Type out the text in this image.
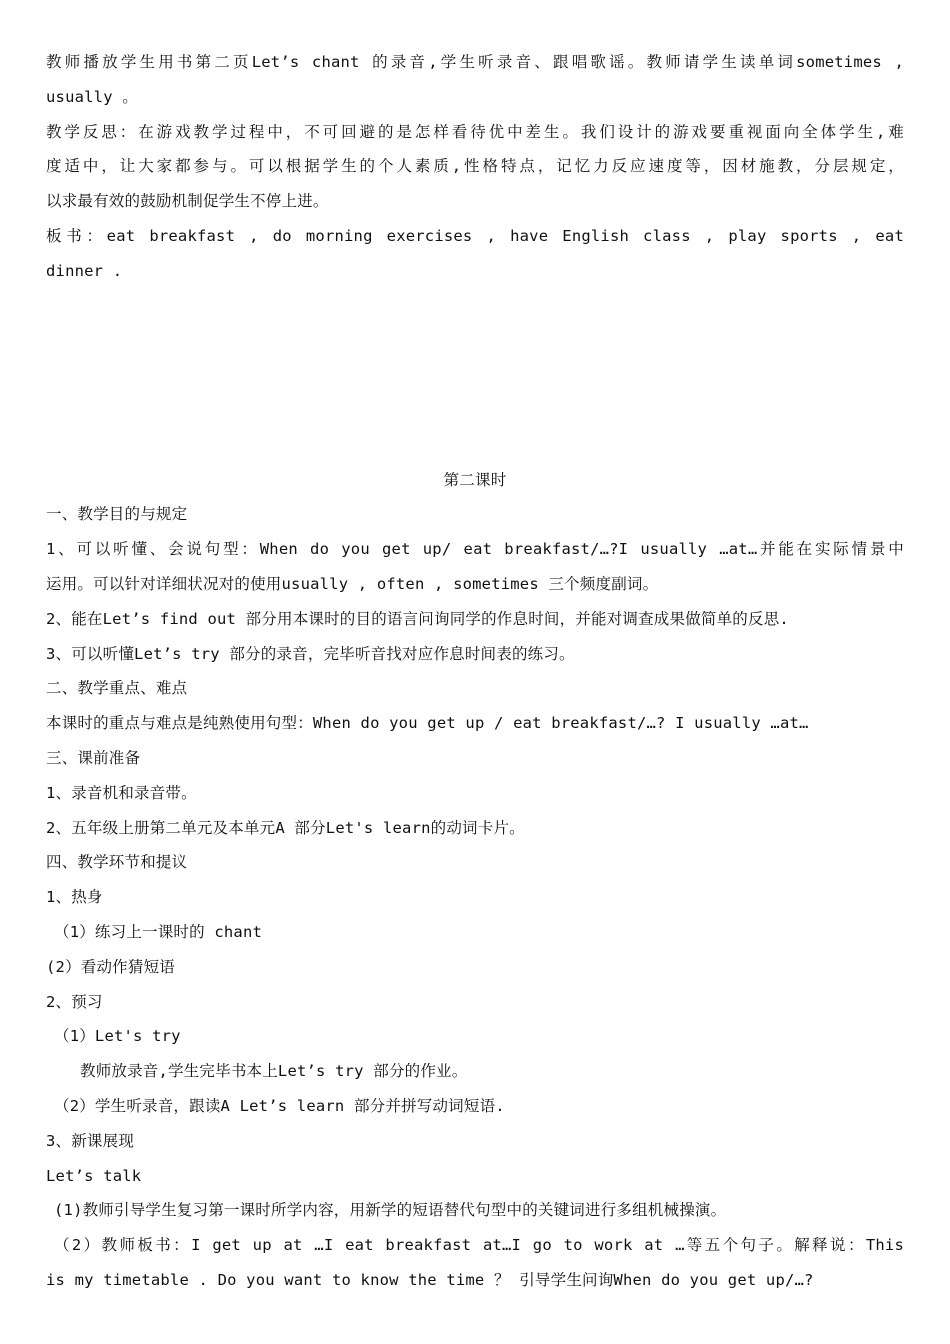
教师播放学生用书第二页Let’s chant 的录音,学生听录音、跟唱歌谣。教师请学生读单词sometimes ,
usually 。
教学反思：在游戏教学过程中，不可回避的是怎样看待优中差生。我们设计的游戏要重视面向全体学生,难
度适中，让大家都参与。可以根据学生的个人素质,性格特点，记忆力反应速度等，因材施教，分层规定，
以求最有效的鼓励机制促学生不停上进。
板书：eat breakfast , do morning exercises , have English class , play sports , eat
dinner .
第二课时
一、教学目的与规定
1、可以听懂、会说句型：When do you get up/ eat breakfast/…?I usually …at…并能在实际情景中
运用。可以针对详细状况对的使用usually , often , sometimes 三个频度副词。
2、能在Let’s find out 部分用本课时的目的语言问询同学的作息时间，并能对调查成果做简单的反思.
3、可以听懂Let’s try 部分的录音，完毕听音找对应作息时间表的练习。
二、教学重点、难点
本课时的重点与难点是纯熟使用句型：When do you get up / eat breakfast/…? I usually …at…
三、课前准备
1、录音机和录音带。
2、五年级上册第二单元及本单元A 部分Let's learn的动词卡片。
四、教学环节和提议
1、热身
（1）练习上一课时的 chant
(2）看动作猜短语
2、预习
（1）Let's try
教师放录音,学生完毕书本上Let’s try 部分的作业。
（2）学生听录音，跟读A Let’s learn 部分并拼写动词短语.
3、新课展现
Let’s talk
(1)教师引导学生复习第一课时所学内容，用新学的短语替代句型中的关键词进行多组机械操演。
（2）教师板书：I get up at …I eat breakfast at…I go to work at …等五个句子。解释说：This
is my timetable . Do you want to know the time ？ 引导学生问询When do you get up/…?
